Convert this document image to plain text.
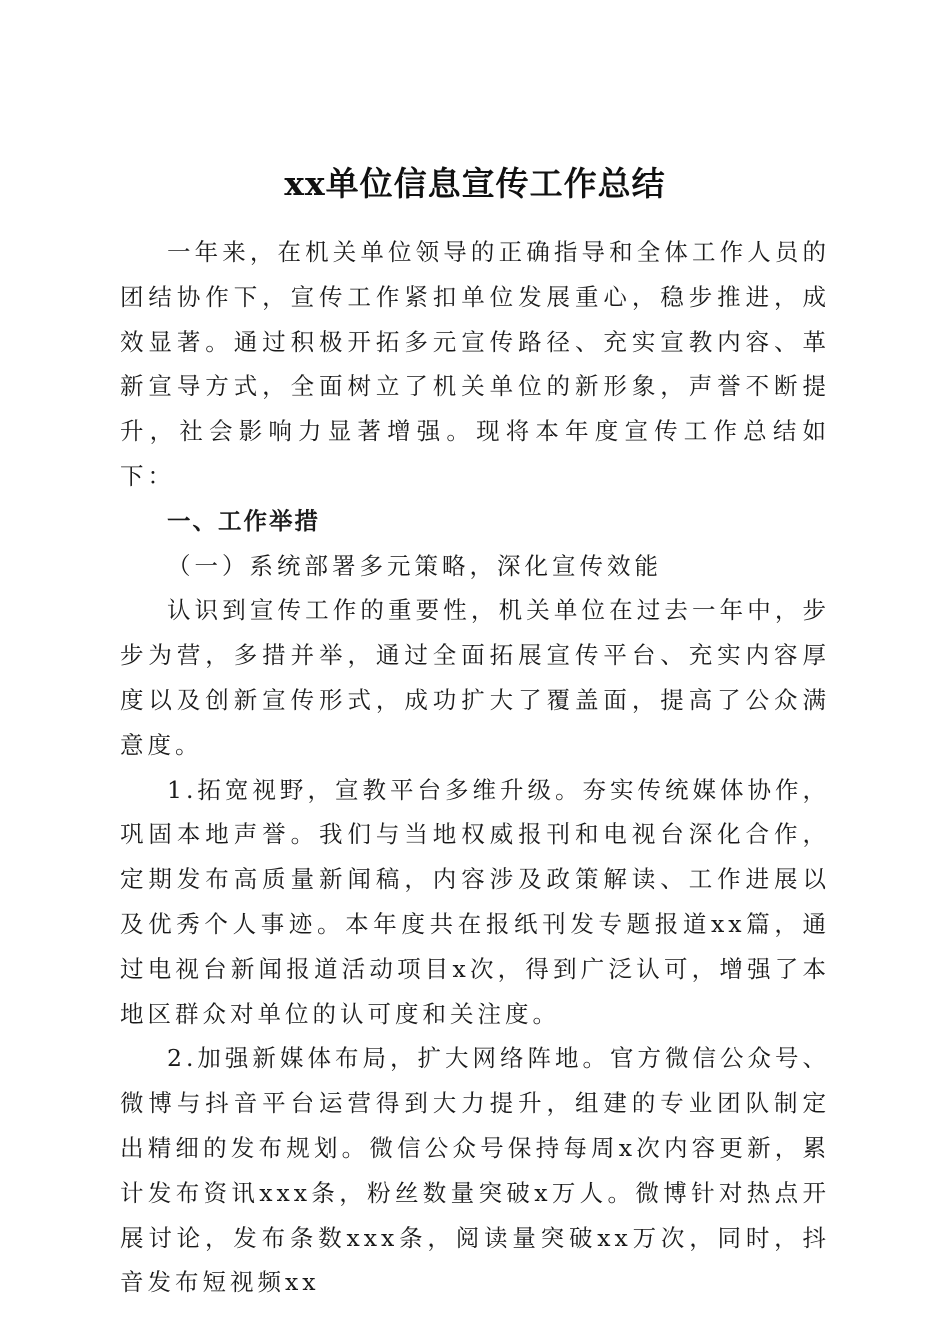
xx单位信息宣传工作总结

一年来，在机关单位领导的正确指导和全体工作人员的团结协作下，宣传工作紧扣单位发展重心，稳步推进，成效显著。通过积极开拓多元宣传路径、充实宣教内容、革新宣导方式，全面树立了机关单位的新形象，声誉不断提升，社会影响力显著增强。现将本年度宣传工作总结如下：

一、工作举措

（一）系统部署多元策略，深化宣传效能

认识到宣传工作的重要性，机关单位在过去一年中，步步为营，多措并举，通过全面拓展宣传平台、充实内容厚度以及创新宣传形式，成功扩大了覆盖面，提高了公众满意度。

1.拓宽视野，宣教平台多维升级。夯实传统媒体协作，巩固本地声誉。我们与当地权威报刊和电视台深化合作，定期发布高质量新闻稿，内容涉及政策解读、工作进展以及优秀个人事迹。本年度共在报纸刊发专题报道xx篇，通过电视台新闻报道活动项目x次，得到广泛认可，增强了本地区群众对单位的认可度和关注度。

2.加强新媒体布局，扩大网络阵地。官方微信公众号、微博与抖音平台运营得到大力提升，组建的专业团队制定出精细的发布规划。微信公众号保持每周x次内容更新，累计发布资讯xxx条，粉丝数量突破x万人。微博针对热点开展讨论，发布条数xxx条，阅读量突破xx万次，同时，抖音发布短视频xx
